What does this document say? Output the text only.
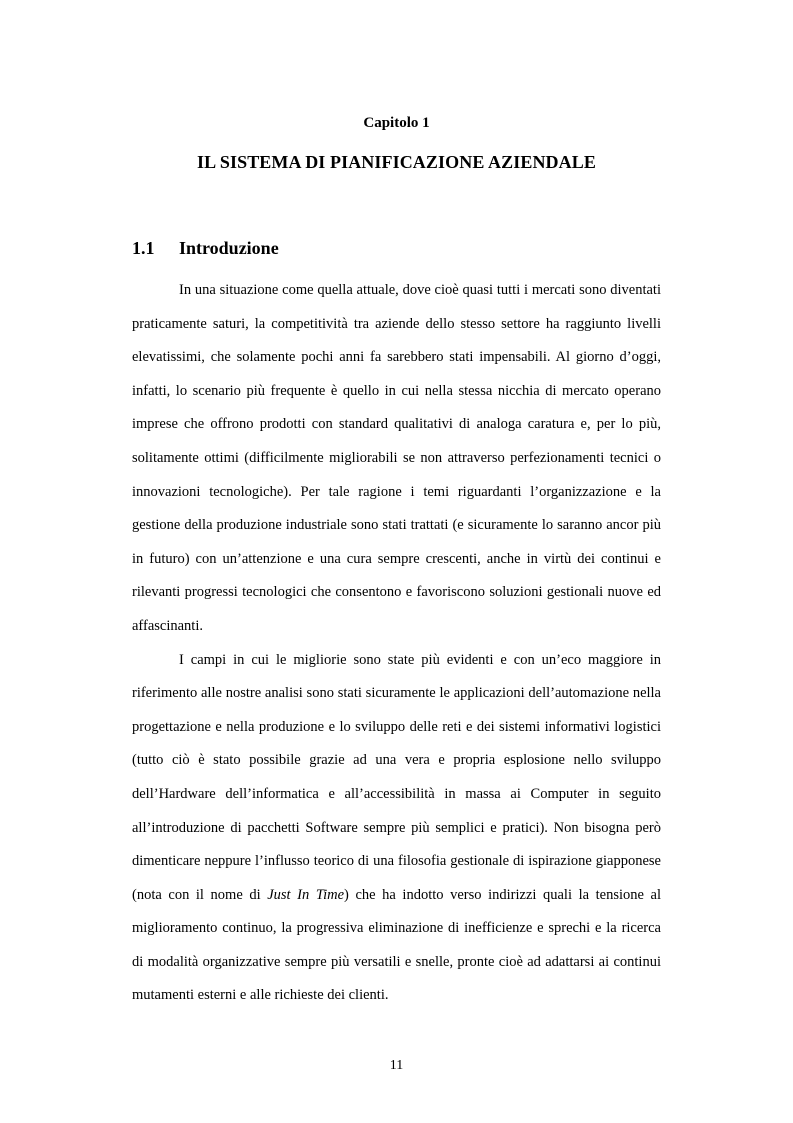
Capitolo 1
IL SISTEMA DI PIANIFICAZIONE AZIENDALE
1.1 Introduzione

In una situazione come quella attuale, dove cioè quasi tutti i mercati sono diventati praticamente saturi, la competitività tra aziende dello stesso settore ha raggiunto livelli elevatissimi, che solamente pochi anni fa sarebbero stati impensabili. Al giorno d’oggi, infatti, lo scenario più frequente è quello in cui nella stessa nicchia di mercato operano imprese che offrono prodotti con standard qualitativi di analoga caratura e, per lo più, solitamente ottimi (difficilmente migliorabili se non attraverso perfezionamenti tecnici o innovazioni tecnologiche). Per tale ragione i temi riguardanti l’organizzazione e la gestione della produzione industriale sono stati trattati (e sicuramente lo saranno ancor più in futuro) con un’attenzione e una cura sempre crescenti, anche in virtù dei continui e rilevanti progressi tecnologici che consentono e favoriscono soluzioni gestionali nuove ed affascinanti.

I campi in cui le migliorie sono state più evidenti e con un’eco maggiore in riferimento alle nostre analisi sono stati sicuramente le applicazioni dell’automazione nella progettazione e nella produzione e lo sviluppo delle reti e dei sistemi informativi logistici (tutto ciò è stato possibile grazie ad una vera e propria esplosione nello sviluppo dell’Hardware dell’informatica e all’accessibilità in massa ai Computer in seguito all’introduzione di pacchetti Software sempre più semplici e pratici). Non bisogna però dimenticare neppure l’influsso teorico di una filosofia gestionale di ispirazione giapponese (nota con il nome di Just In Time) che ha indotto verso indirizzi quali la tensione al miglioramento continuo, la progressiva eliminazione di inefficienze e sprechi e la ricerca di modalità organizzative sempre più versatili e snelle, pronte cioè ad adattarsi ai continui mutamenti esterni e alle richieste dei clienti.

11
